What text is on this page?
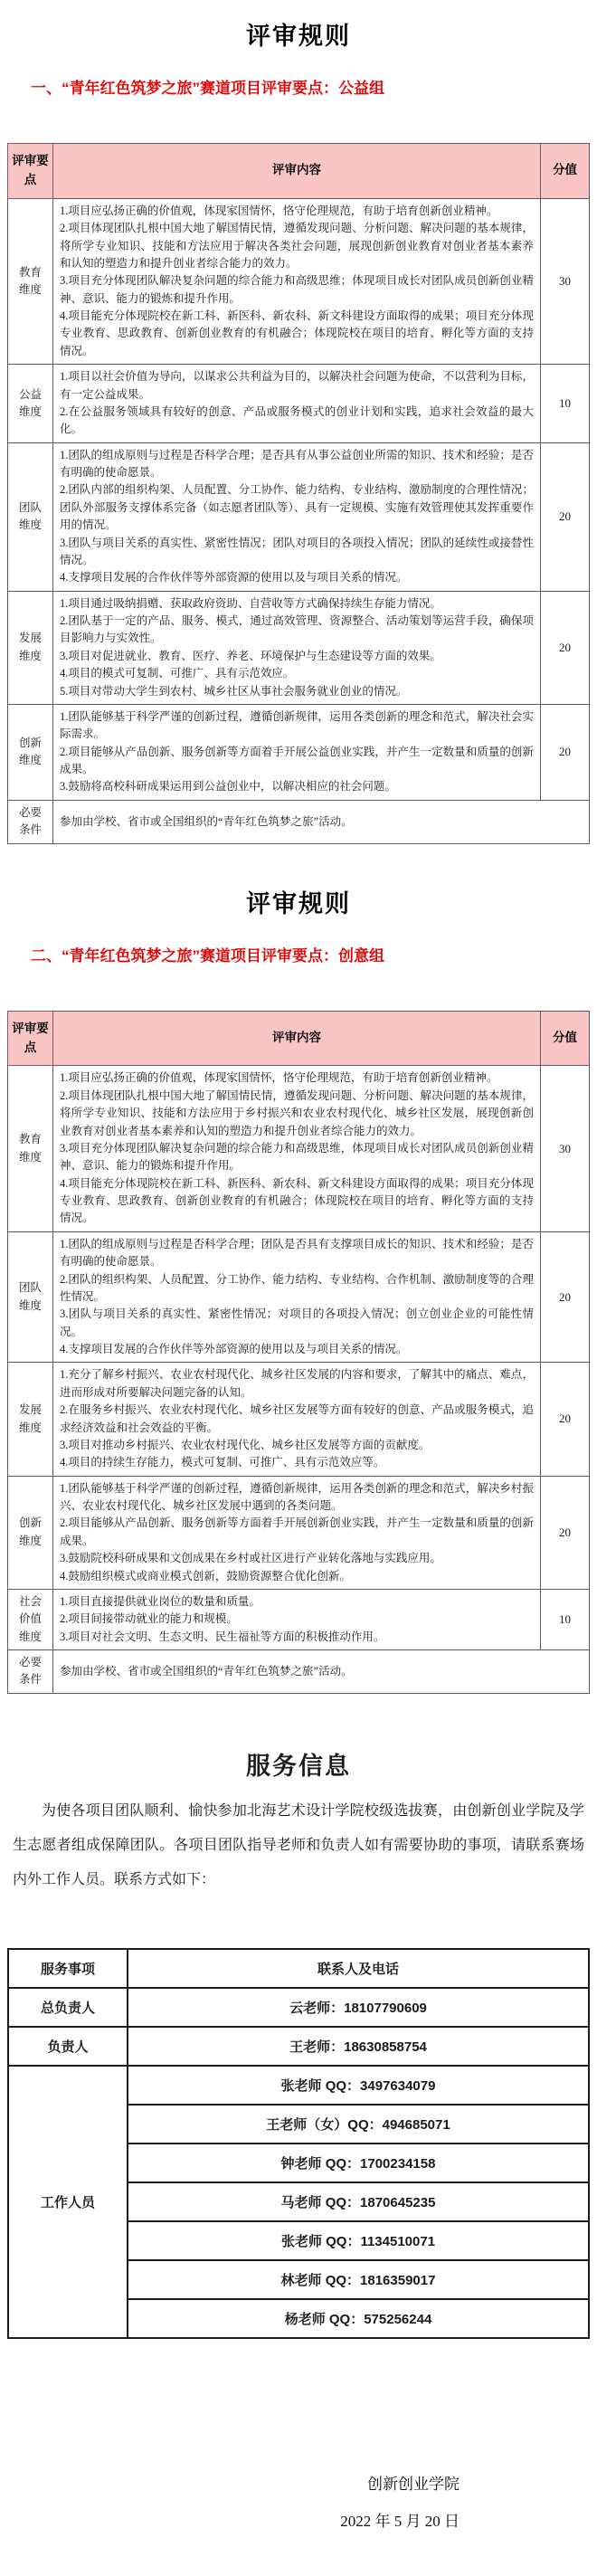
评审规则
一、“青年红色筑梦之旅”赛道项目评审要点：公益组
评审要点	评审内容	分值
教育维度	1.项目应弘扬正确的价值观，体现家国情怀，恪守伦理规范，有助于培育创新创业精神。
2.项目体现团队扎根中国大地了解国情民情，遵循发现问题、分析问题、解决问题的基本规律，将所学专业知识、技能和方法应用于解决各类社会问题，展现创新创业教育对创业者基本素养和认知的塑造力和提升创业者综合能力的效力。
3.项目充分体现团队解决复杂问题的综合能力和高级思维；体现项目成长对团队成员创新创业精神、意识、能力的锻炼和提升作用。
4.项目能充分体现院校在新工科、新医科、新农科、新文科建设方面取得的成果；项目充分体现专业教育、思政教育、创新创业教育的有机融合；体现院校在项目的培育、孵化等方面的支持情况。	30
公益维度	1.项目以社会价值为导向，以谋求公共利益为目的，以解决社会问题为使命，不以营利为目标，有一定公益成果。
2.在公益服务领域具有较好的创意、产品或服务模式的创业计划和实践，追求社会效益的最大化。	10
团队维度	1.团队的组成原则与过程是否科学合理；是否具有从事公益创业所需的知识、技术和经验；是否有明确的使命愿景。
2.团队内部的组织构架、人员配置、分工协作、能力结构、专业结构、激励制度的合理性情况；团队外部服务支撑体系完备（如志愿者团队等）、具有一定规模、实施有效管理使其发挥重要作用的情况。
3.团队与项目关系的真实性、紧密性情况；团队对项目的各项投入情况；团队的延续性或接替性情况。
4.支撑项目发展的合作伙伴等外部资源的使用以及与项目关系的情况。	20
发展维度	1.项目通过吸纳捐赠、获取政府资助、自营收等方式确保持续生存能力情况。
2.团队基于一定的产品、服务、模式，通过高效管理、资源整合、活动策划等运营手段，确保项目影响力与实效性。
3.项目对促进就业、教育、医疗、养老、环境保护与生态建设等方面的效果。
4.项目的模式可复制、可推广、具有示范效应。
5.项目对带动大学生到农村、城乡社区从事社会服务就业创业的情况。	20
创新维度	1.团队能够基于科学严谨的创新过程，遵循创新规律，运用各类创新的理念和范式，解决社会实际需求。
2.项目能够从产品创新、服务创新等方面着手开展公益创业实践，并产生一定数量和质量的创新成果。
3.鼓励将高校科研成果运用到公益创业中，以解决相应的社会问题。	20
必要条件	参加由学校、省市或全国组织的“青年红色筑梦之旅”活动。	
评审规则
二、“青年红色筑梦之旅”赛道项目评审要点：创意组
评审要点	评审内容	分值
教育维度	1.项目应弘扬正确的价值观，体现家国情怀，恪守伦理规范，有助于培育创新创业精神。
2.项目体现团队扎根中国大地了解国情民情，遵循发现问题、分析问题、解决问题的基本规律，将所学专业知识、技能和方法应用于乡村振兴和农业农村现代化、城乡社区发展，展现创新创业教育对创业者基本素养和认知的塑造力和提升创业者综合能力的效力。
3.项目充分体现团队解决复杂问题的综合能力和高级思维，体现项目成长对团队成员创新创业精神、意识、能力的锻炼和提升作用。
4.项目能充分体现院校在新工科、新医科、新农科、新文科建设方面取得的成果；项目充分体现专业教育、思政教育、创新创业教育的有机融合；体现院校在项目的培育、孵化等方面的支持情况。	30
团队维度	1.团队的组成原则与过程是否科学合理；团队是否具有支撑项目成长的知识、技术和经验；是否有明确的使命愿景。
2.团队的组织构架、人员配置、分工协作、能力结构、专业结构、合作机制、激励制度等的合理性情况。
3.团队与项目关系的真实性、紧密性情况；对项目的各项投入情况；创立创业企业的可能性情况。
4.支撑项目发展的合作伙伴等外部资源的使用以及与项目关系的情况。	20
发展维度	1.充分了解乡村振兴、农业农村现代化、城乡社区发展的内容和要求，了解其中的痛点、难点，进而形成对所要解决问题完备的认知。
2.在服务乡村振兴、农业农村现代化、城乡社区发展等方面有较好的创意、产品或服务模式，追求经济效益和社会效益的平衡。
3.项目对推动乡村振兴、农业农村现代化、城乡社区发展等方面的贡献度。
4.项目的持续生存能力，模式可复制、可推广、具有示范效应等。	20
创新维度	1.团队能够基于科学严谨的创新过程，遵循创新规律，运用各类创新的理念和范式，解决乡村振兴、农业农村现代化、城乡社区发展中遇到的各类问题。
2.项目能够从产品创新、服务创新等方面着手开展创新创业实践，并产生一定数量和质量的创新成果。
3.鼓励院校科研成果和文创成果在乡村或社区进行产业转化落地与实践应用。
4.鼓励组织模式或商业模式创新，鼓励资源整合优化创新。	20
社会价值维度	1.项目直接提供就业岗位的数量和质量。
2.项目间接带动就业的能力和规模。
3.项目对社会文明、生态文明、民生福祉等方面的积极推动作用。	10
必要条件	参加由学校、省市或全国组织的“青年红色筑梦之旅”活动。	
服务信息

为使各项目团队顺利、愉快参加北海艺术设计学院校级选拔赛，由创新创业学院及学生志愿者组成保障团队。各项目团队指导老师和负责人如有需要协助的事项，请联系赛场内外工作人员。联系方式如下：

服务事项	联系人及电话
总负责人	云老师：18107790609
负责人	王老师：18630858754
工作人员	张老师 QQ：3497634079
	王老师（女）QQ：494685071
	钟老师 QQ：1700234158
	马老师 QQ：1870645235
	张老师 QQ：1134510071
	林老师 QQ：1816359017
	杨老师 QQ：575256244
创新创业学院
2022 年 5 月 20 日
